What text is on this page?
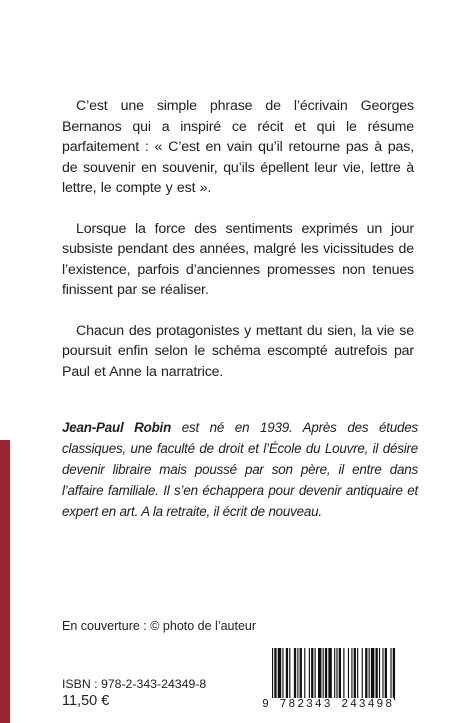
C’est une simple phrase de l’écrivain Georges Bernanos qui a inspiré ce récit et qui le résume parfaitement : « C’est en vain qu’il retourne pas à pas, de souvenir en souvenir, qu’ils épellent leur vie, lettre à lettre, le compte y est ».

Lorsque la force des sentiments exprimés un jour subsiste pendant des années, malgré les vicissitudes de l’existence, parfois d’anciennes promesses non tenues finissent par se réaliser.

Chacun des protagonistes y mettant du sien, la vie se poursuit enfin selon le schéma escompté autrefois par Paul et Anne la narratrice.

Jean-Paul Robin est né en 1939. Après des études classiques, une faculté de droit et l’École du Louvre, il désire devenir libraire mais poussé par son père, il entre dans l’affaire familiale. Il s’en échappera pour devenir antiquaire et expert en art. A la retraite, il écrit de nouveau.
En couverture : © photo de l’auteur
ISBN : 978-2-343-24349-8
11,50 €	9 782343 243498
